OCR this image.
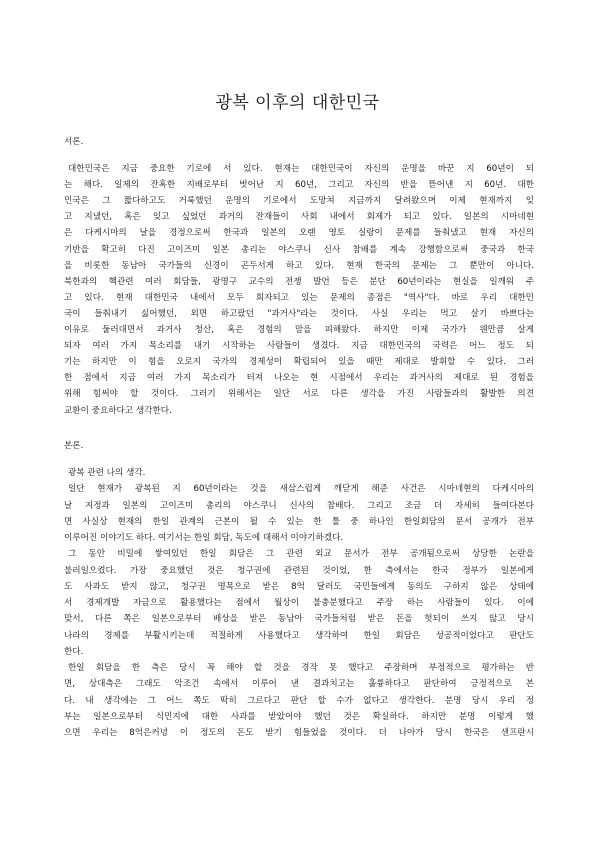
광복 이후의 대한민국
서론.
대한민국은 지금 중요한 기로에 서 있다. 현재는 대한민국이 자신의 운명을 바꾼 지 60년이 되
는 해다. 일제의 잔혹한 지배로부터 벗어난 지 60년, 그리고 자신의 반을 뜯어낸 지 60년. 대한
민국은 그 짧다하고도 거룩했던 운명의 기로에서 도망쳐 지금까지 달려왔으며 이제 현재까지 잊
고 지냈던, 혹은 잊고 싶었던 과거의 잔재들이 사회 내에서 회제가 되고 있다. 일본의 시마네현
은 다케시마의 날을 경정으로써 한국과 일본의 오랜 영토 실랑이 문제를 들춰냈고 현재 자신의
기반을 확고히 다진 고이즈미 일본 총리는 야스쿠니 신사 참배를 계속 강행함으로써 중국과 한국
을 비롯한 동남아 국가들의 신경이 곤두서게 하고 있다. 현재 한국의 문제는 그 뿐만이 아니다.
북한과의 핵관련 여러 회담들, 광명구 교수의 전쟁 발언 등은 분단 60년이라는 현실을 일깨워 주
고 있다. 현재 대한민국 내에서 모두 회자되고 있는 문제의 종점은 "역사"다. 바로 우리 대한민
국이 들춰내기 싫어했던, 외면 하고팠던 "과거사"라는 것이다. 사실 우리는 먹고 살기 바쁘다는
이유로 둘러대면서 과거사 청산, 혹은 경험의 맘을 피해왔다. 하지만 이제 국가가 웬만큼 살게
되자 여러 가지 목소리를 내기 시작하는 사람들이 생겼다. 지금 대한민국의 국력은 어느 정도 되
기는 하지만 이 힘을 오로지 국가의 경제성이 확립되어 있을 때만 제대로 발휘할 수 있다. 그러
한 점에서 지금 여러 가지 목소리가 터져 나오는 현 시점에서 우리는 과거사의 제대로 된 경험을
위해 힘써야 할 것이다. 그러기 위해서는 일단 서로 다른 생각을 가진 사람들과의 활발한 의견
교환이 중요하다고 생각한다.
본론.
광복 관련 나의 생각.
일단 현재가 광복된 지 60년이라는 것을 새삼스럽게 깨닫게 해준 사건은 시마네현의 다케시마의
날 지정과 일본의 고이즈미 총리의 야스쿠니 신사의 참배다. 그리고 조금 더 자세히 들여다본다
면 사실상 현재의 한일 관계의 근본이 될 수 있는 한 툴 중 하나인 한일회담의 문서 공개가 전부
이루어진 이야기도 하다. 여기서는 한일 회담, 독도에 대해서 이야기하겠다.
그 동안 비밀에 쌓여있던 한일 회담은 그 관련 외교 문서가 전부 공개됨으로써 상당한 논란을
불러일으켰다. 가장 중요했던 것은 청구권에 관련된 것이었, 한 측에서는 한국 정부가 일본에게
도 사과도 받지 않고, 청구권 명목으로 받은 8억 달러도 국민들에게 동의도 구하지 않은 상태에
서 경제개발 자금으로 활용했다는 점에서 월상이 불충분했다고 주장 하는 사람들이 있다. 이에
맞서, 다른 쪽은 일본으로부터 배상을 받은 동남아 국가들처럼 받은 돈을 헛되이 쓰지 않고 당시
나라의 경제를 부활시키는데 적절하게 사용했다고 생각하여 한일 회담은 성공적이었다고 판단도
한다.
한일 회담을 한 측은 당시 꼭 해야 할 것을 경작 못 했다고 주장하며 부정적으로 평가하는 반
면, 상대측은 그래도 악조건 속에서 이루어 낸 결과치고는 훌륭하다고 판단하여 긍정적으로 본
다. 내 생각에는 그 어느 쪽도 딱히 그르다고 판단 할 수가 없다고 생각한다. 분명 당시 우리 정
부는 일본으로부터 식민지에 대한 사과를 받았어야 했던 것은 확실하다. 하지만 분명 이렇게 했
으면 우리는 8억은커녕 이 정도의 돈도 받기 힘들었을 것이다. 더 나아가 당시 한국은 샌프란시
